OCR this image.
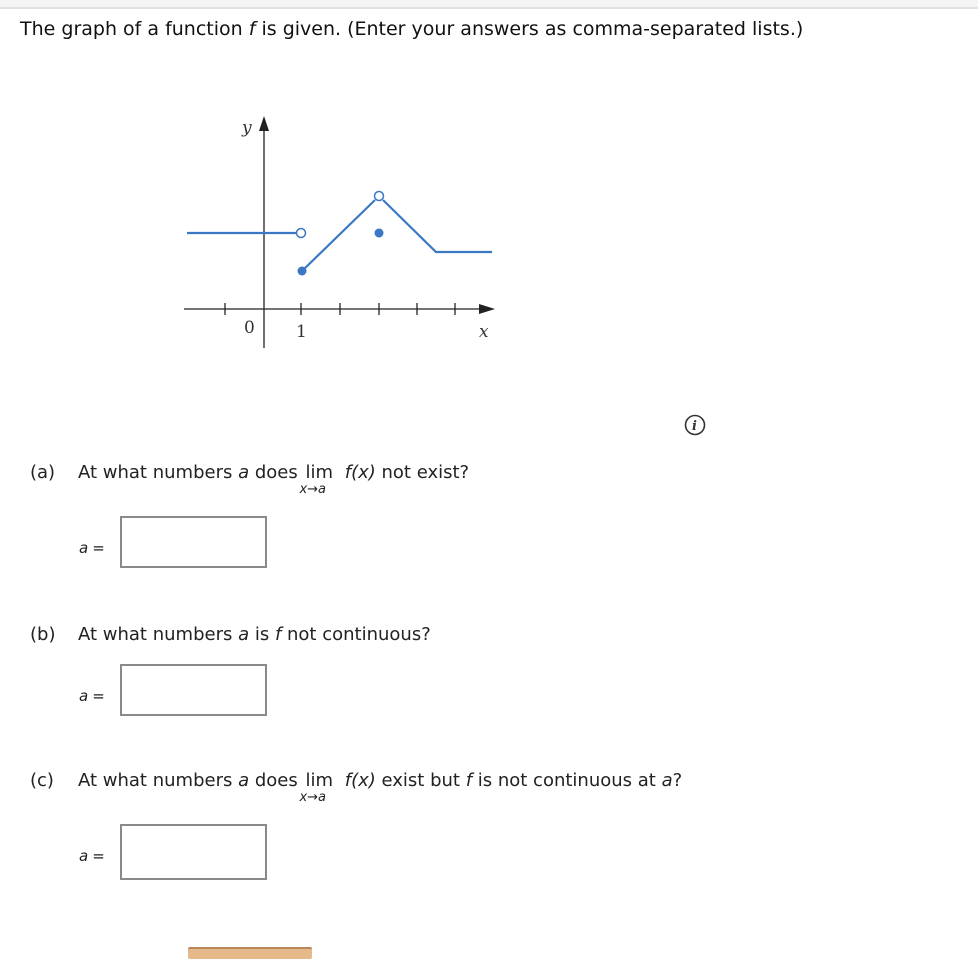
The graph of a function f is given. (Enter your answers as comma-separated lists.)
y
x
0 1
i
(a) At what numbers a does lim
x→a
f(x) not exist?
a =
(b) At what numbers a is f not continuous?
a =
(c) At what numbers a does lim
x→a
f(x) exist but f is not continuous at a?
a =
